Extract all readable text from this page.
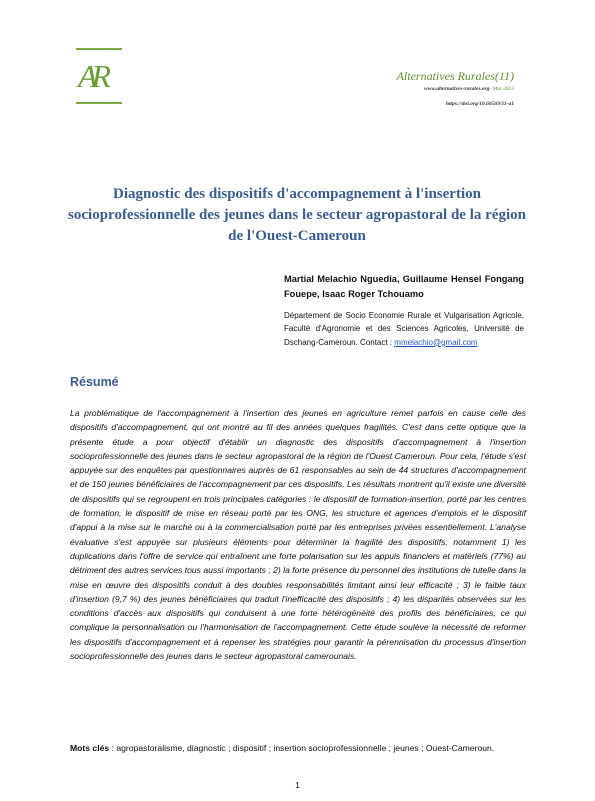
AR	Alternatives Rurales(11)
www.alternatives-rurales.org- Mai 2023
https://doi.org/10.60569/11-a1
Diagnostic des dispositifs d'accompagnement à l'insertion socioprofessionnelle des jeunes dans le secteur agropastoral de la région de l'Ouest-Cameroun
Martial Melachio Nguedia, Guillaume Hensel Fongang Fouepe, Isaac Roger Tchouamo
Département de Socio Economie Rurale et Vulgarisation Agricole, Faculté d'Agronomie et des Sciences Agricoles, Université de Dschang-Cameroun. Contact : mmelachio@gmail.com
Résumé
La problématique de l'accompagnement à l'insertion des jeunes en agriculture remet parfois en cause celle des dispositifs d'accompagnement, qui ont montré au fil des années quelques fragilités. C'est dans cette optique que la présente étude a pour objectif d'établir un diagnostic des dispositifs d'accompagnement à l'insertion socioprofessionnelle des jeunes dans le secteur agropastoral de la région de l'Ouest Cameroun. Pour cela, l'étude s'est appuyée sur des enquêtes par questionnaires auprès de 61 responsables au sein de 44 structures d'accompagnement et de 150 jeunes bénéficiaires de l'accompagnement par ces dispositifs. Les résultats montrent qu'il existe une diversité de dispositifs qui se regroupent en trois principales catégories : le dispositif de formation-insertion, porté par les centres de formation, le dispositif de mise en réseau porté par les ONG, les structure et agences d'emplois et le dispositif d'appui à la mise sur le marché ou à la commercialisation porté par les entreprises privées essentiellement. L'analyse évaluative s'est appuyée sur plusieurs éléments pour déterminer la fragilité des dispositifs, notamment 1) les duplications dans l'offre de service qui entraînent une forte polarisation sur les appuis financiers et matériels (77%) au détriment des autres services tous aussi importants ; 2) la forte présence du personnel des institutions de tutelle dans la mise en œuvre des dispositifs conduit à des doubles responsabilités limitant ainsi leur efficacité ; 3) le faible taux d'insertion (9,7 %) des jeunes bénéficiaires qui traduit l'inefficacité des dispositifs ; 4) les disparités observées sur les conditions d'accès aux dispositifs qui conduisent à une forte hétérogénéité des profils des bénéficiaires, ce qui complique la personnalisation ou l'harmonisation de l'accompagnement. Cette étude soulève la nécessité de reformer les dispositifs d'accompagnement et à repenser les stratégies pour garantir la pérennisation du processus d'insertion socioprofessionnelle des jeunes dans le secteur agropastoral camerounais.
Mots clés : agropastoralisme, diagnostic ; dispositif ; insertion socioprofessionnelle ; jeunes ; Ouest-Cameroun.
1
